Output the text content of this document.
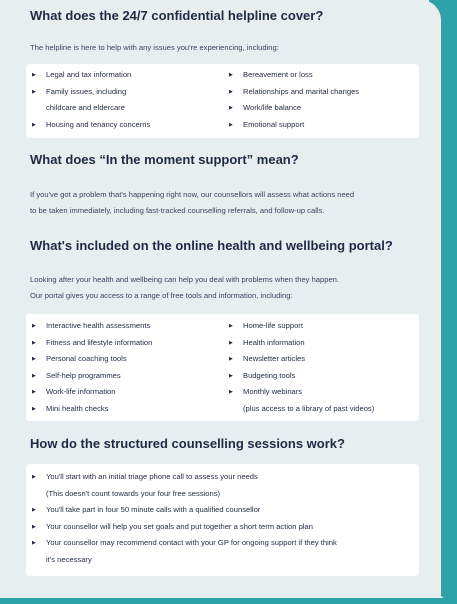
What does the 24/7 confidential helpline cover?

The helpline is here to help with any issues you're experiencing, including:

▶ Legal and tax information
▶ Family issues, including
childcare and eldercare
▶ Housing and tenancy concerns
▶ Bereavement or loss
▶ Relationships and marital changes
▶ Work/life balance
▶ Emotional support
What does “In the moment support” mean?

If you've got a problem that's happening right now, our counsellors will assess what actions need

to be taken immediately, including fast-tracked counselling referrals, and follow-up calls.

What's included on the online health and wellbeing portal?

Looking after your health and wellbeing can help you deal with problems when they happen.

Our portal gives you access to a range of free tools and information, including:

▶ Interactive health assessments
▶ Fitness and lifestyle information
▶ Personal coaching tools
▶ Self-help programmes
▶ Work-life information
▶ Mini health checks
▶ Home-life support
▶ Health information
▶ Newsletter articles
▶ Budgeting tools
▶ Monthly webinars
(plus access to a library of past videos)
How do the structured counselling sessions work?
▶ You'll start with an initial triage phone call to assess your needs
(This doesn't count towards your four free sessions)
▶ You'll take part in four 50 minute calls with a qualified counsellor
▶ Your counsellor will help you set goals and put together a short term action plan
▶ Your counsellor may recommend contact with your GP for ongoing support if they think
it's necessary
